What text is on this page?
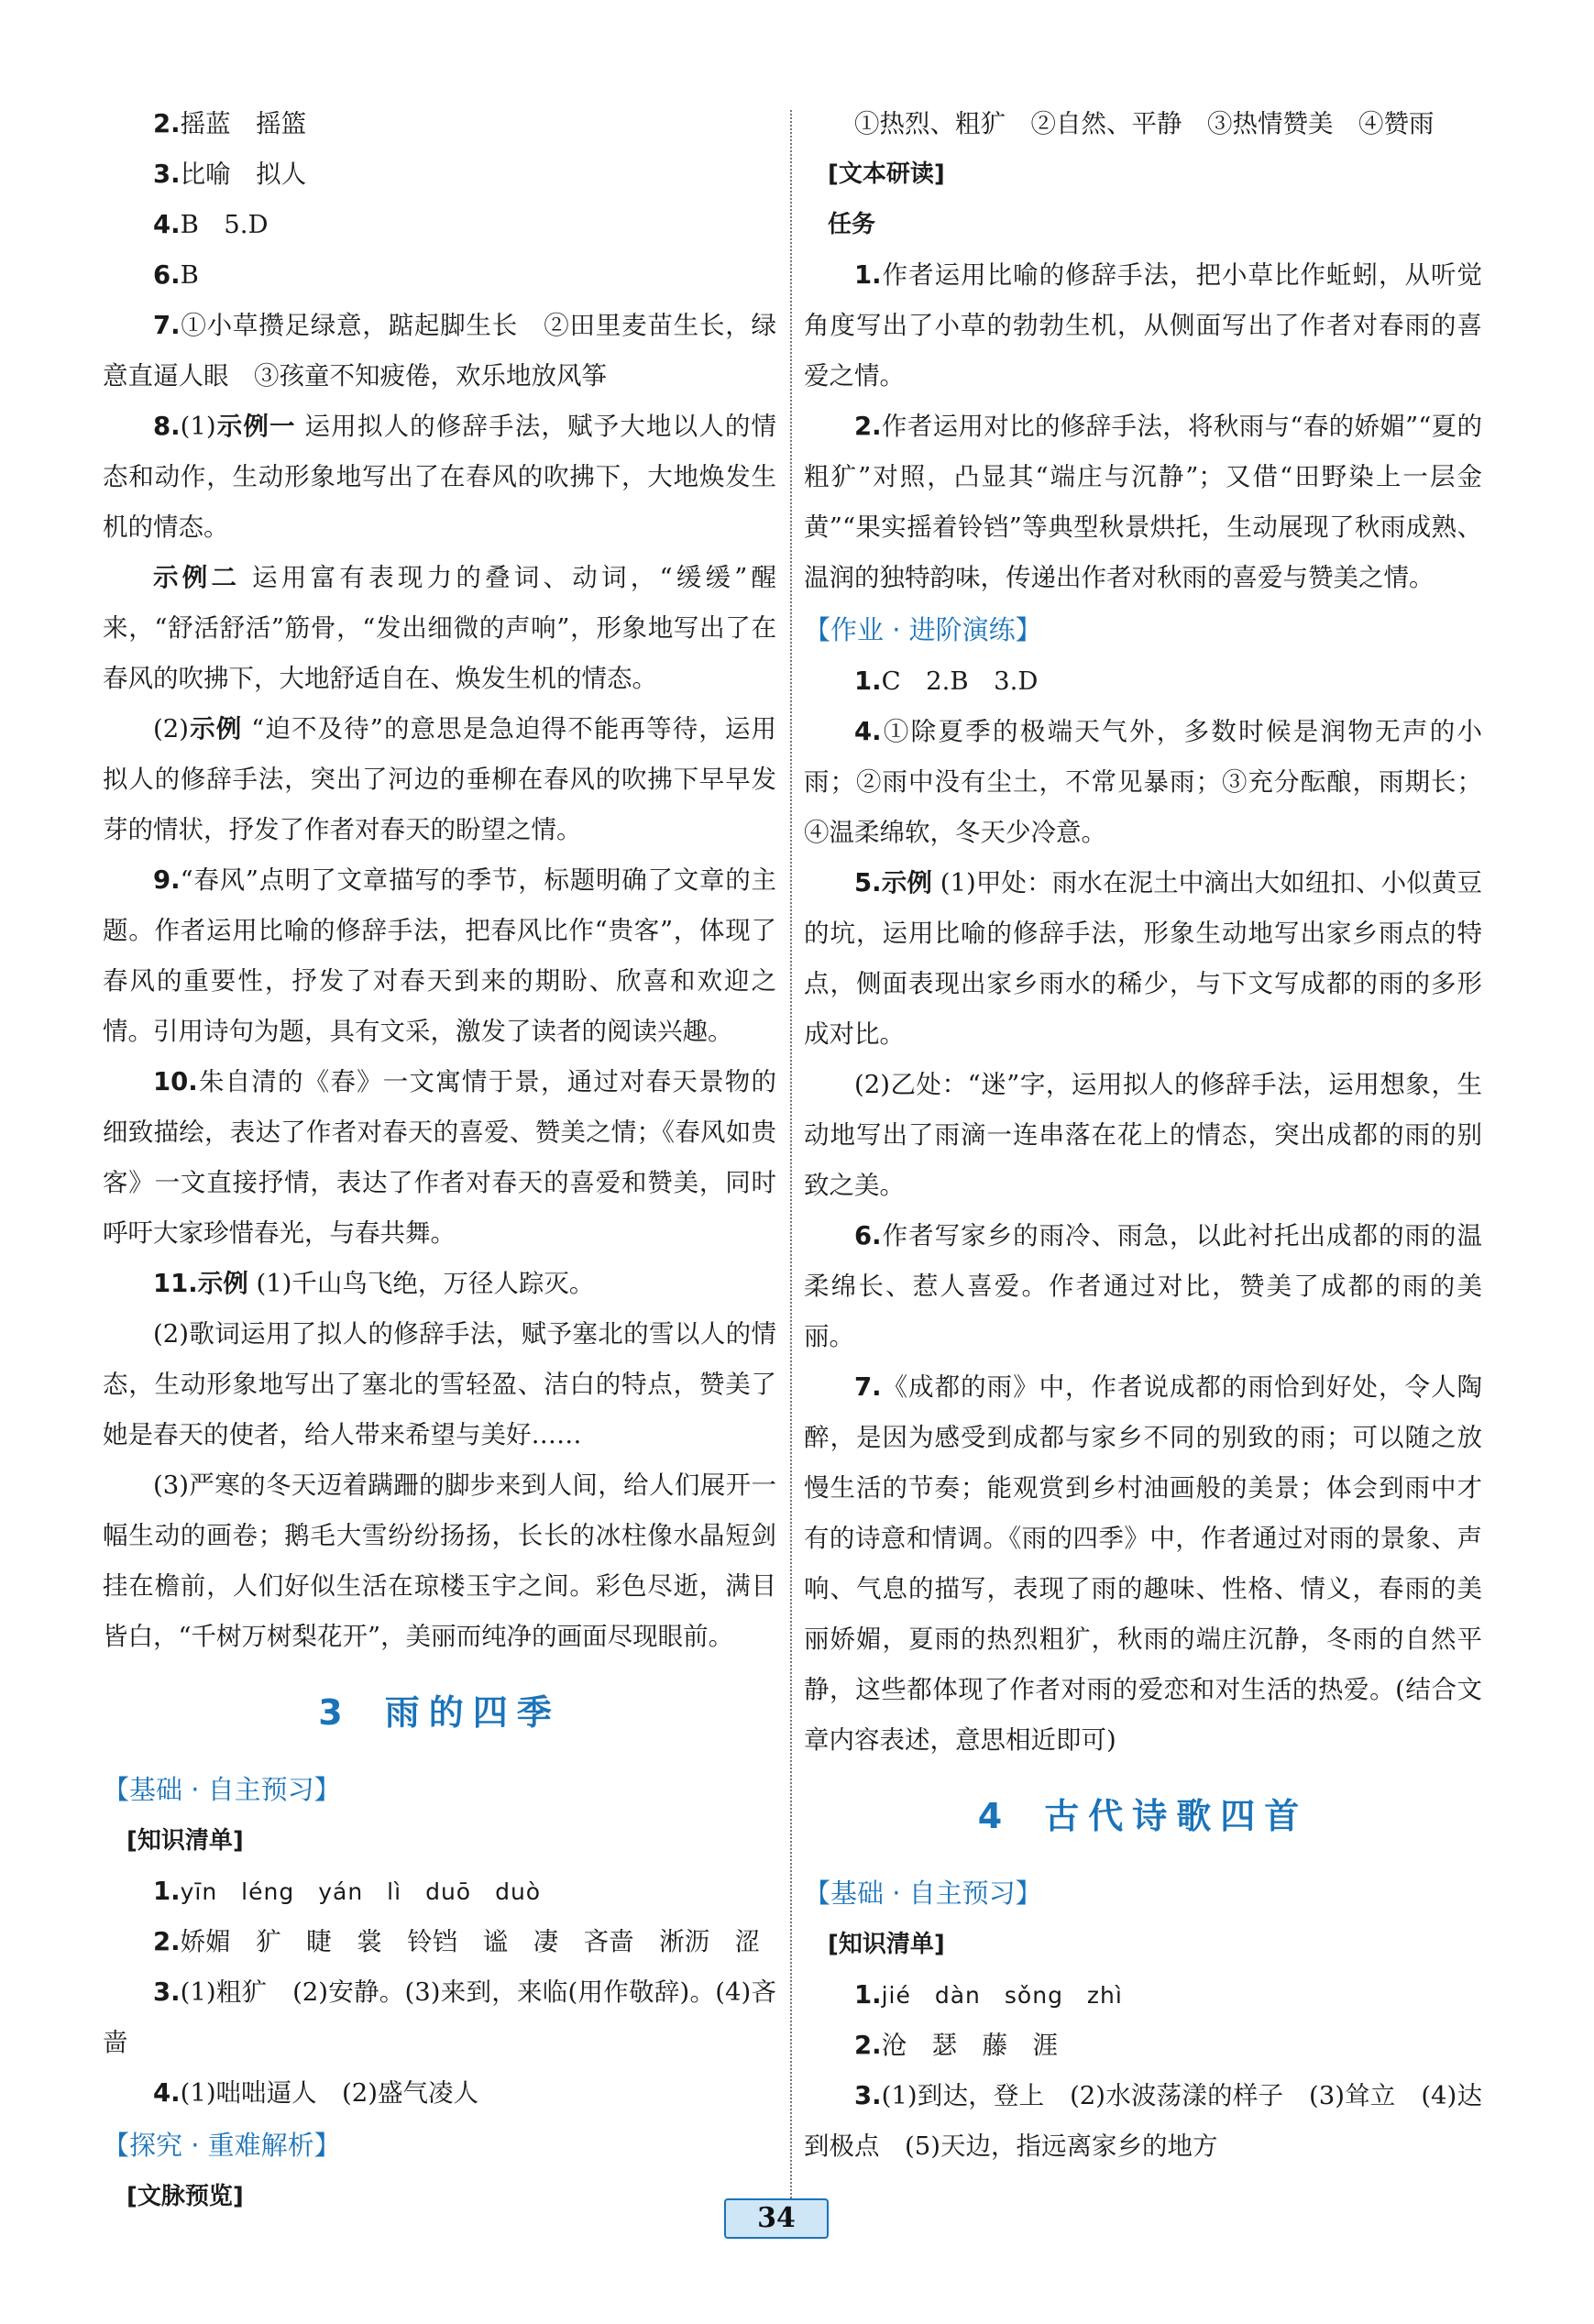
2.摇蓝　摇篮

3.比喻　拟人

4.B　5.D

6.B

7.①小草攒足绿意，踮起脚生长　②田里麦苗生长，绿意直逼人眼　③孩童不知疲倦，欢乐地放风筝

8.(1)示例一 运用拟人的修辞手法，赋予大地以人的情态和动作，生动形象地写出了在春风的吹拂下，大地焕发生机的情态。

示例二 运用富有表现力的叠词、动词，“缓缓”醒来，“舒活舒活”筋骨，“发出细微的声响”，形象地写出了在春风的吹拂下，大地舒适自在、焕发生机的情态。

(2)示例 “迫不及待”的意思是急迫得不能再等待，运用拟人的修辞手法，突出了河边的垂柳在春风的吹拂下早早发芽的情状，抒发了作者对春天的盼望之情。

9.“春风”点明了文章描写的季节，标题明确了文章的主题。作者运用比喻的修辞手法，把春风比作“贵客”，体现了春风的重要性，抒发了对春天到来的期盼、欣喜和欢迎之情。引用诗句为题，具有文采，激发了读者的阅读兴趣。

10.朱自清的《春》一文寓情于景，通过对春天景物的细致描绘，表达了作者对春天的喜爱、赞美之情；《春风如贵客》一文直接抒情，表达了作者对春天的喜爱和赞美，同时呼吁大家珍惜春光，与春共舞。

11.示例 (1)千山鸟飞绝，万径人踪灭。

(2)歌词运用了拟人的修辞手法，赋予塞北的雪以人的情态，生动形象地写出了塞北的雪轻盈、洁白的特点，赞美了她是春天的使者，给人带来希望与美好……

(3)严寒的冬天迈着蹒跚的脚步来到人间，给人们展开一幅生动的画卷；鹅毛大雪纷纷扬扬，长长的冰柱像水晶短剑挂在檐前，人们好似生活在琼楼玉宇之间。彩色尽逝，满目皆白，“千树万树梨花开”，美丽而纯净的画面尽现眼前。

3 雨的四季
【基础 · 自主预习】
[知识清单]

1.yīn　léng　yán　lì　duō　duò

2.娇媚　犷　睫　裳　铃铛　谧　凄　吝啬　淅沥　涩

3.(1)粗犷　(2)安静。(3)来到，来临(用作敬辞)。(4)吝啬

4.(1)咄咄逼人　(2)盛气凌人

【探究 · 重难解析】
[文脉预览]

①热烈、粗犷　②自然、平静　③热情赞美　④赞雨

[文本研读]
任务

1.作者运用比喻的修辞手法，把小草比作蚯蚓，从听觉角度写出了小草的勃勃生机，从侧面写出了作者对春雨的喜爱之情。

2.作者运用对比的修辞手法，将秋雨与“春的娇媚”“夏的粗犷”对照，凸显其“端庄与沉静”；又借“田野染上一层金黄”“果实摇着铃铛”等典型秋景烘托，生动展现了秋雨成熟、温润的独特韵味，传递出作者对秋雨的喜爱与赞美之情。

【作业 · 进阶演练】

1.C　2.B　3.D

4.①除夏季的极端天气外，多数时候是润物无声的小雨；②雨中没有尘土，不常见暴雨；③充分酝酿，雨期长；④温柔绵软，冬天少冷意。

5.示例 (1)甲处：雨水在泥土中滴出大如纽扣、小似黄豆的坑，运用比喻的修辞手法，形象生动地写出家乡雨点的特点，侧面表现出家乡雨水的稀少，与下文写成都的雨的多形成对比。

(2)乙处：“迷”字，运用拟人的修辞手法，运用想象，生动地写出了雨滴一连串落在花上的情态，突出成都的雨的别致之美。

6.作者写家乡的雨冷、雨急，以此衬托出成都的雨的温柔绵长、惹人喜爱。作者通过对比，赞美了成都的雨的美丽。

7.《成都的雨》中，作者说成都的雨恰到好处，令人陶醉，是因为感受到成都与家乡不同的别致的雨；可以随之放慢生活的节奏；能观赏到乡村油画般的美景；体会到雨中才有的诗意和情调。《雨的四季》中，作者通过对雨的景象、声响、气息的描写，表现了雨的趣味、性格、情义，春雨的美丽娇媚，夏雨的热烈粗犷，秋雨的端庄沉静，冬雨的自然平静，这些都体现了作者对雨的爱恋和对生活的热爱。(结合文章内容表述，意思相近即可)

4 古代诗歌四首
【基础 · 自主预习】
[知识清单]

1.jié　dàn　sǒng　zhì

2.沧　瑟　藤　涯

3.(1)到达，登上　(2)水波荡漾的样子　(3)耸立　(4)达到极点　(5)天边，指远离家乡的地方

34
